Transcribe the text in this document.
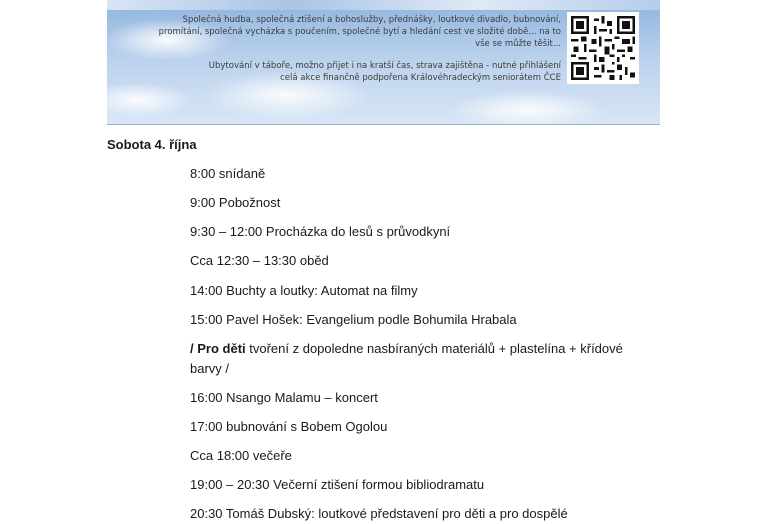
Společná hudba, společná ztišení a bohoslužby, přednášky, loutkové divadlo, bubnování,

promítání, společná vycházka s poučením, společné bytí a hledání cest ve složité době... na to

vše se můžte těšit...

Ubytování v táboře, možno přijet i na kratší čas, strava zajištěna - nutné přihlášení

celá akce finančně podpořena Královéhradeckým seniorátem ČCE

Sobota 4. října
8:00 snídaně
9:00 Pobožnost
9:30 – 12:00 Procházka do lesů s průvodkyní
Cca 12:30 – 13:30 oběd
14:00 Buchty a loutky: Automat na filmy
15:00 Pavel Hošek: Evangelium podle Bohumila Hrabala
/ Pro děti tvoření z dopoledne nasbíraných materiálů + plastelína + křídové barvy /
16:00 Nsango Malamu – koncert
17:00 bubnování s Bobem Ogolou
Cca 18:00 večeře
19:00 – 20:30 Večerní ztišení formou bibliodramatu
20:30 Tomáš Dubský: loutkové představení pro děti a pro dospělé
